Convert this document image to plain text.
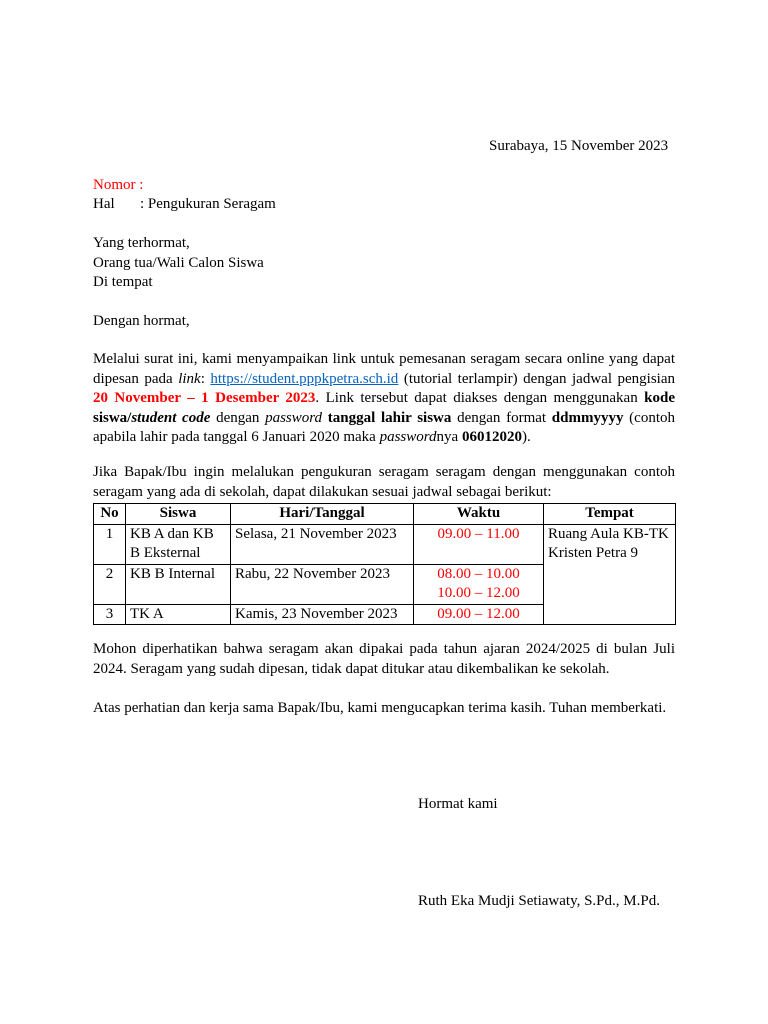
Surabaya, 15 November 2023
Nomor :
Hal : Pengukuran Seragam
Yang terhormat,
Orang tua/Wali Calon Siswa
Di tempat
Dengan hormat,
Melalui surat ini, kami menyampaikan link untuk pemesanan seragam secara online yang dapat dipesan pada link: https://student.pppkpetra.sch.id (tutorial terlampir) dengan jadwal pengisian 20 November – 1 Desember 2023. Link tersebut dapat diakses dengan menggunakan kode siswa/student code dengan password tanggal lahir siswa dengan format ddmmyyyy (contoh apabila lahir pada tanggal 6 Januari 2020 maka passwordnya 06012020).
Jika Bapak/Ibu ingin melalukan pengukuran seragam seragam dengan menggunakan contoh seragam yang ada di sekolah, dapat dilakukan sesuai jadwal sebagai berikut:
No	Siswa	Hari/Tanggal	Waktu	Tempat
1	KB A dan KB B Eksternal	Selasa, 21 November 2023	09.00 – 11.00	Ruang Aula KB-TK Kristen Petra 9
2	KB B Internal	Rabu, 22 November 2023	08.00 – 10.00
10.00 – 12.00	

3	TK A	Kamis, 23 November 2023	09.00 – 12.00	
Mohon diperhatikan bahwa seragam akan dipakai pada tahun ajaran 2024/2025 di bulan Juli 2024. Seragam yang sudah dipesan, tidak dapat ditukar atau dikembalikan ke sekolah.
Atas perhatian dan kerja sama Bapak/Ibu, kami mengucapkan terima kasih. Tuhan memberkati.
Hormat kami
Ruth Eka Mudji Setiawaty, S.Pd., M.Pd.
